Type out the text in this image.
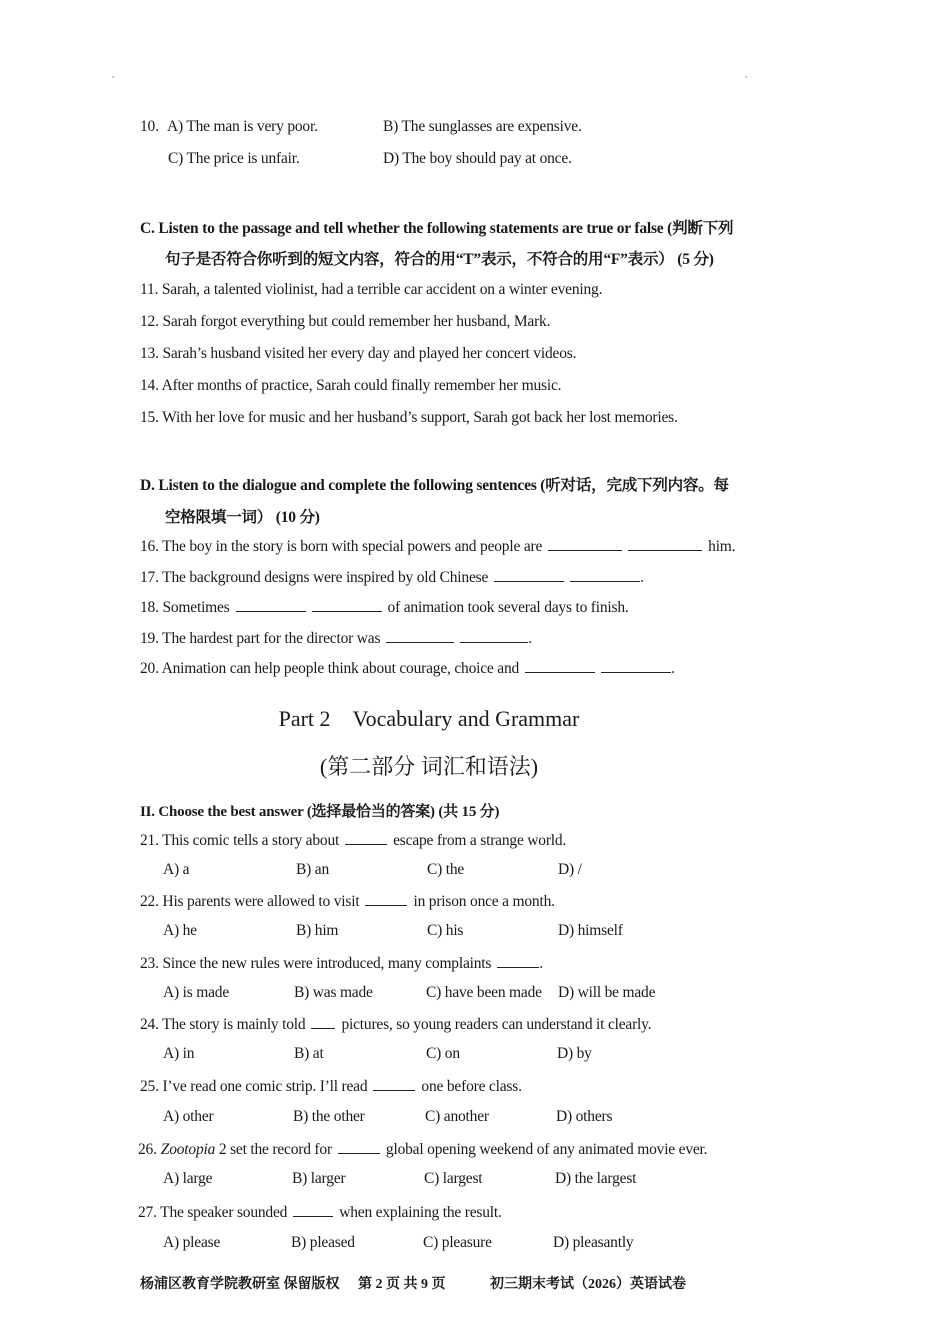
10. A) The man is very poor.	B) The sunglasses are expensive.
C) The price is unfair.	D) The boy should pay at once.
C. Listen to the passage and tell whether the following statements are true or false (判断下列
句子是否符合你听到的短文内容，符合的用“T”表示，不符合的用“F”表示） (5 分)
11. Sarah, a talented violinist, had a terrible car accident on a winter evening.
12. Sarah forgot everything but could remember her husband, Mark.
13. Sarah’s husband visited her every day and played her concert videos.
14. After months of practice, Sarah could finally remember her music.
15. With her love for music and her husband’s support, Sarah got back her lost memories.
D. Listen to the dialogue and complete the following sentences (听对话，完成下列内容。每
空格限填一词） (10 分)
16. The boy in the story is born with special powers and people are	him.
17. The background designs were inspired by old Chinese	.
18. Sometimes	of animation took several days to finish.
19. The hardest part for the director was	.
20. Animation can help people think about courage, choice and	.
Part 2　Vocabulary and Grammar
(第二部分 词汇和语法)
II. Choose the best answer (选择最恰当的答案) (共 15 分)
21. This comic tells a story about	escape from a strange world.
A) a	B) an	C) the	D) /
22. His parents were allowed to visit	in prison once a month.
A) he	B) him	C) his	D) himself
23. Since the new rules were introduced, many complaints	.
A) is made	B) was made	C) have been made D) will be made
24. The story is mainly told pictures, so young readers can understand it clearly.
A) in	B) at	C) on	D) by
25. I’ve read one comic strip. I’ll read	one before class.
A) other	B) the other	C) another	D) others
26. Zootopia 2 set the record for	global opening weekend of any animated movie ever.
A) large	B) larger	C) largest	D) the largest
27. The speaker sounded	when explaining the result.
A) please	B) pleased	C) pleasure	D) pleasantly
杨浦区教育学院教研室 保留版权 第 2 页 共 9 页	初三期末考试（2026）英语试卷
